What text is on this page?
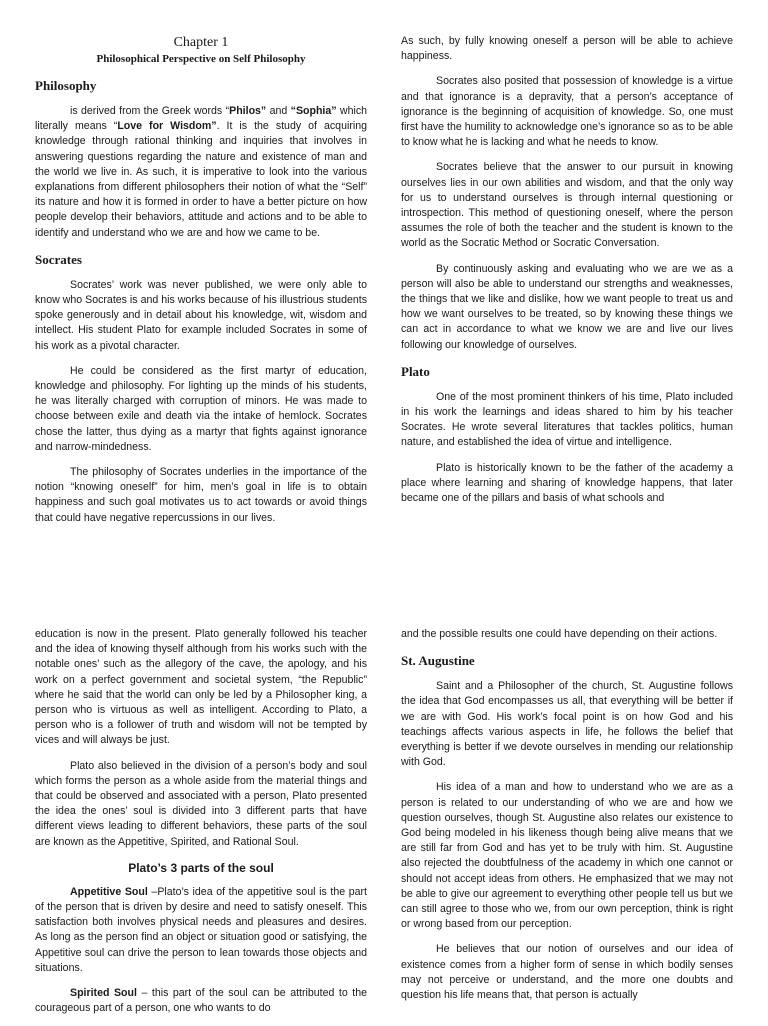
Chapter 1
Philosophical Perspective on Self Philosophy
Philosophy

is derived from the Greek words “Philos” and “Sophia” which literally means “Love for Wisdom”. It is the study of acquiring knowledge through rational thinking and inquiries that involves in answering questions regarding the nature and existence of man and the world we live in. As such, it is imperative to look into the various explanations from different philosophers their notion of what the “Self” its nature and how it is formed in order to have a better picture on how people develop their behaviors, attitude and actions and to be able to identify and understand who we are and how we came to be.

Socrates

Socrates’ work was never published, we were only able to know who Socrates is and his works because of his illustrious students spoke generously and in detail about his knowledge, wit, wisdom and intellect. His student Plato for example included Socrates in some of his work as a pivotal character.

He could be considered as the first martyr of education, knowledge and philosophy. For lighting up the minds of his students, he was literally charged with corruption of minors. He was made to choose between exile and death via the intake of hemlock. Socrates chose the latter, thus dying as a martyr that fights against ignorance and narrow-mindedness.

The philosophy of Socrates underlies in the importance of the notion “knowing oneself” for him, men’s goal in life is to obtain happiness and such goal motivates us to act towards or avoid things that could have negative repercussions in our lives.

As such, by fully knowing oneself a person will be able to achieve happiness.

Socrates also posited that possession of knowledge is a virtue and that ignorance is a depravity, that a person’s acceptance of ignorance is the beginning of acquisition of knowledge. So, one must first have the humility to acknowledge one’s ignorance so as to be able to know what he is lacking and what he needs to know.

Socrates believe that the answer to our pursuit in knowing ourselves lies in our own abilities and wisdom, and that the only way for us to understand ourselves is through internal questioning or introspection. This method of questioning oneself, where the person assumes the role of both the teacher and the student is known to the world as the Socratic Method or Socratic Conversation.

By continuously asking and evaluating who we are we as a person will also be able to understand our strengths and weaknesses, the things that we like and dislike, how we want people to treat us and how we want ourselves to be treated, so by knowing these things we can act in accordance to what we know we are and live our lives following our knowledge of ourselves.

Plato

One of the most prominent thinkers of his time, Plato included in his work the learnings and ideas shared to him by his teacher Socrates. He wrote several literatures that tackles politics, human nature, and established the idea of virtue and intelligence.

Plato is historically known to be the father of the academy a place where learning and sharing of knowledge happens, that later became one of the pillars and basis of what schools and

education is now in the present. Plato generally followed his teacher and the idea of knowing thyself although from his works such with the notable ones’ such as the allegory of the cave, the apology, and his work on a perfect government and societal system, “the Republic” where he said that the world can only be led by a Philosopher king, a person who is virtuous as well as intelligent. According to Plato, a person who is a follower of truth and wisdom will not be tempted by vices and will always be just.

Plato also believed in the division of a person’s body and soul which forms the person as a whole aside from the material things and that could be observed and associated with a person, Plato presented the idea the ones’ soul is divided into 3 different parts that have different views leading to different behaviors, these parts of the soul are known as the Appetitive, Spirited, and Rational Soul.

Plato’s 3 parts of the soul

Appetitive Soul –Plato’s idea of the appetitive soul is the part of the person that is driven by desire and need to satisfy oneself. This satisfaction both involves physical needs and pleasures and desires. As long as the person find an object or situation good or satisfying, the Appetitive soul can drive the person to lean towards those objects and situations.

Spirited Soul – this part of the soul can be attributed to the courageous part of a person, one who wants to do

and the possible results one could have depending on their actions.

St. Augustine

Saint and a Philosopher of the church, St. Augustine follows the idea that God encompasses us all, that everything will be better if we are with God. His work’s focal point is on how God and his teachings affects various aspects in life, he follows the belief that everything is better if we devote ourselves in mending our relationship with God.

His idea of a man and how to understand who we are as a person is related to our understanding of who we are and how we question ourselves, though St. Augustine also relates our existence to God being modeled in his likeness though being alive means that we are still far from God and has yet to be truly with him. St. Augustine also rejected the doubtfulness of the academy in which one cannot or should not accept ideas from others. He emphasized that we may not be able to give our agreement to everything other people tell us but we can still agree to those who we, from our own perception, think is right or wrong based from our perception.

He believes that our notion of ourselves and our idea of existence comes from a higher form of sense in which bodily senses may not perceive or understand, and the more one doubts and question his life means that, that person is actually
